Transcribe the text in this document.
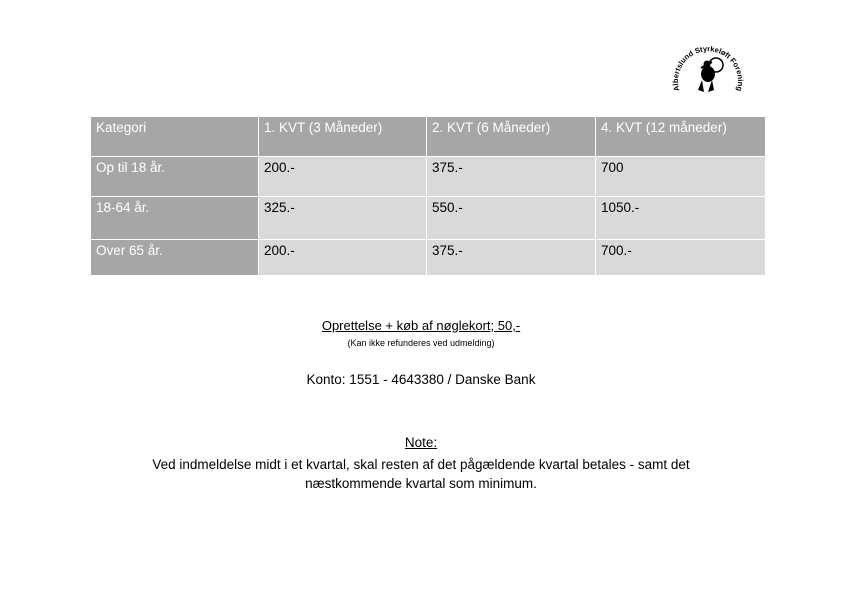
Albertslund Styrkeløft Forening
Kategori	1. KVT (3 Måneder)	2. KVT (6 Måneder)	4. KVT (12 måneder)
Op til 18 år.	200.-	375.-	700
18-64 år.	325.-	550.-	1050.-
Over 65 år.	200.-	375.-	700.-
Oprettelse + køb af nøglekort; 50,-
(Kan ikke refunderes ved udmelding)
Konto: 1551 - 4643380 / Danske Bank
Note:
Ved indmeldelse midt i et kvartal, skal resten af det pågældende kvartal betales - samt det
næstkommende kvartal som minimum.
